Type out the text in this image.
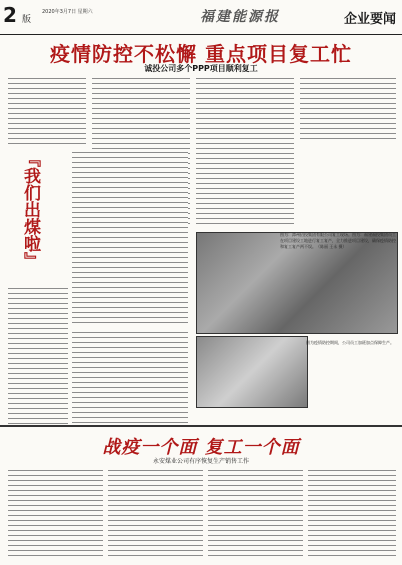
2 版
2020年3月7日 星期六	福建能源报	企业要闻
疫情防控不松懈 重点项目复工忙
诚投公司多个PPP项目顺利复工
『我们出煤啦』	图为：漳州招投集团有限公司复工现场。图为：福建福投集团员工在项目建设工地进行复工复产，全力推进项目建设，确保疫情防控和复工复产两不误。（陈丽 王永 摄）
图为疫情防控期间，公司员工加班加点保障生产。
战疫一个面 复工一个面
永安煤业公司有序恢复生产销售工作
